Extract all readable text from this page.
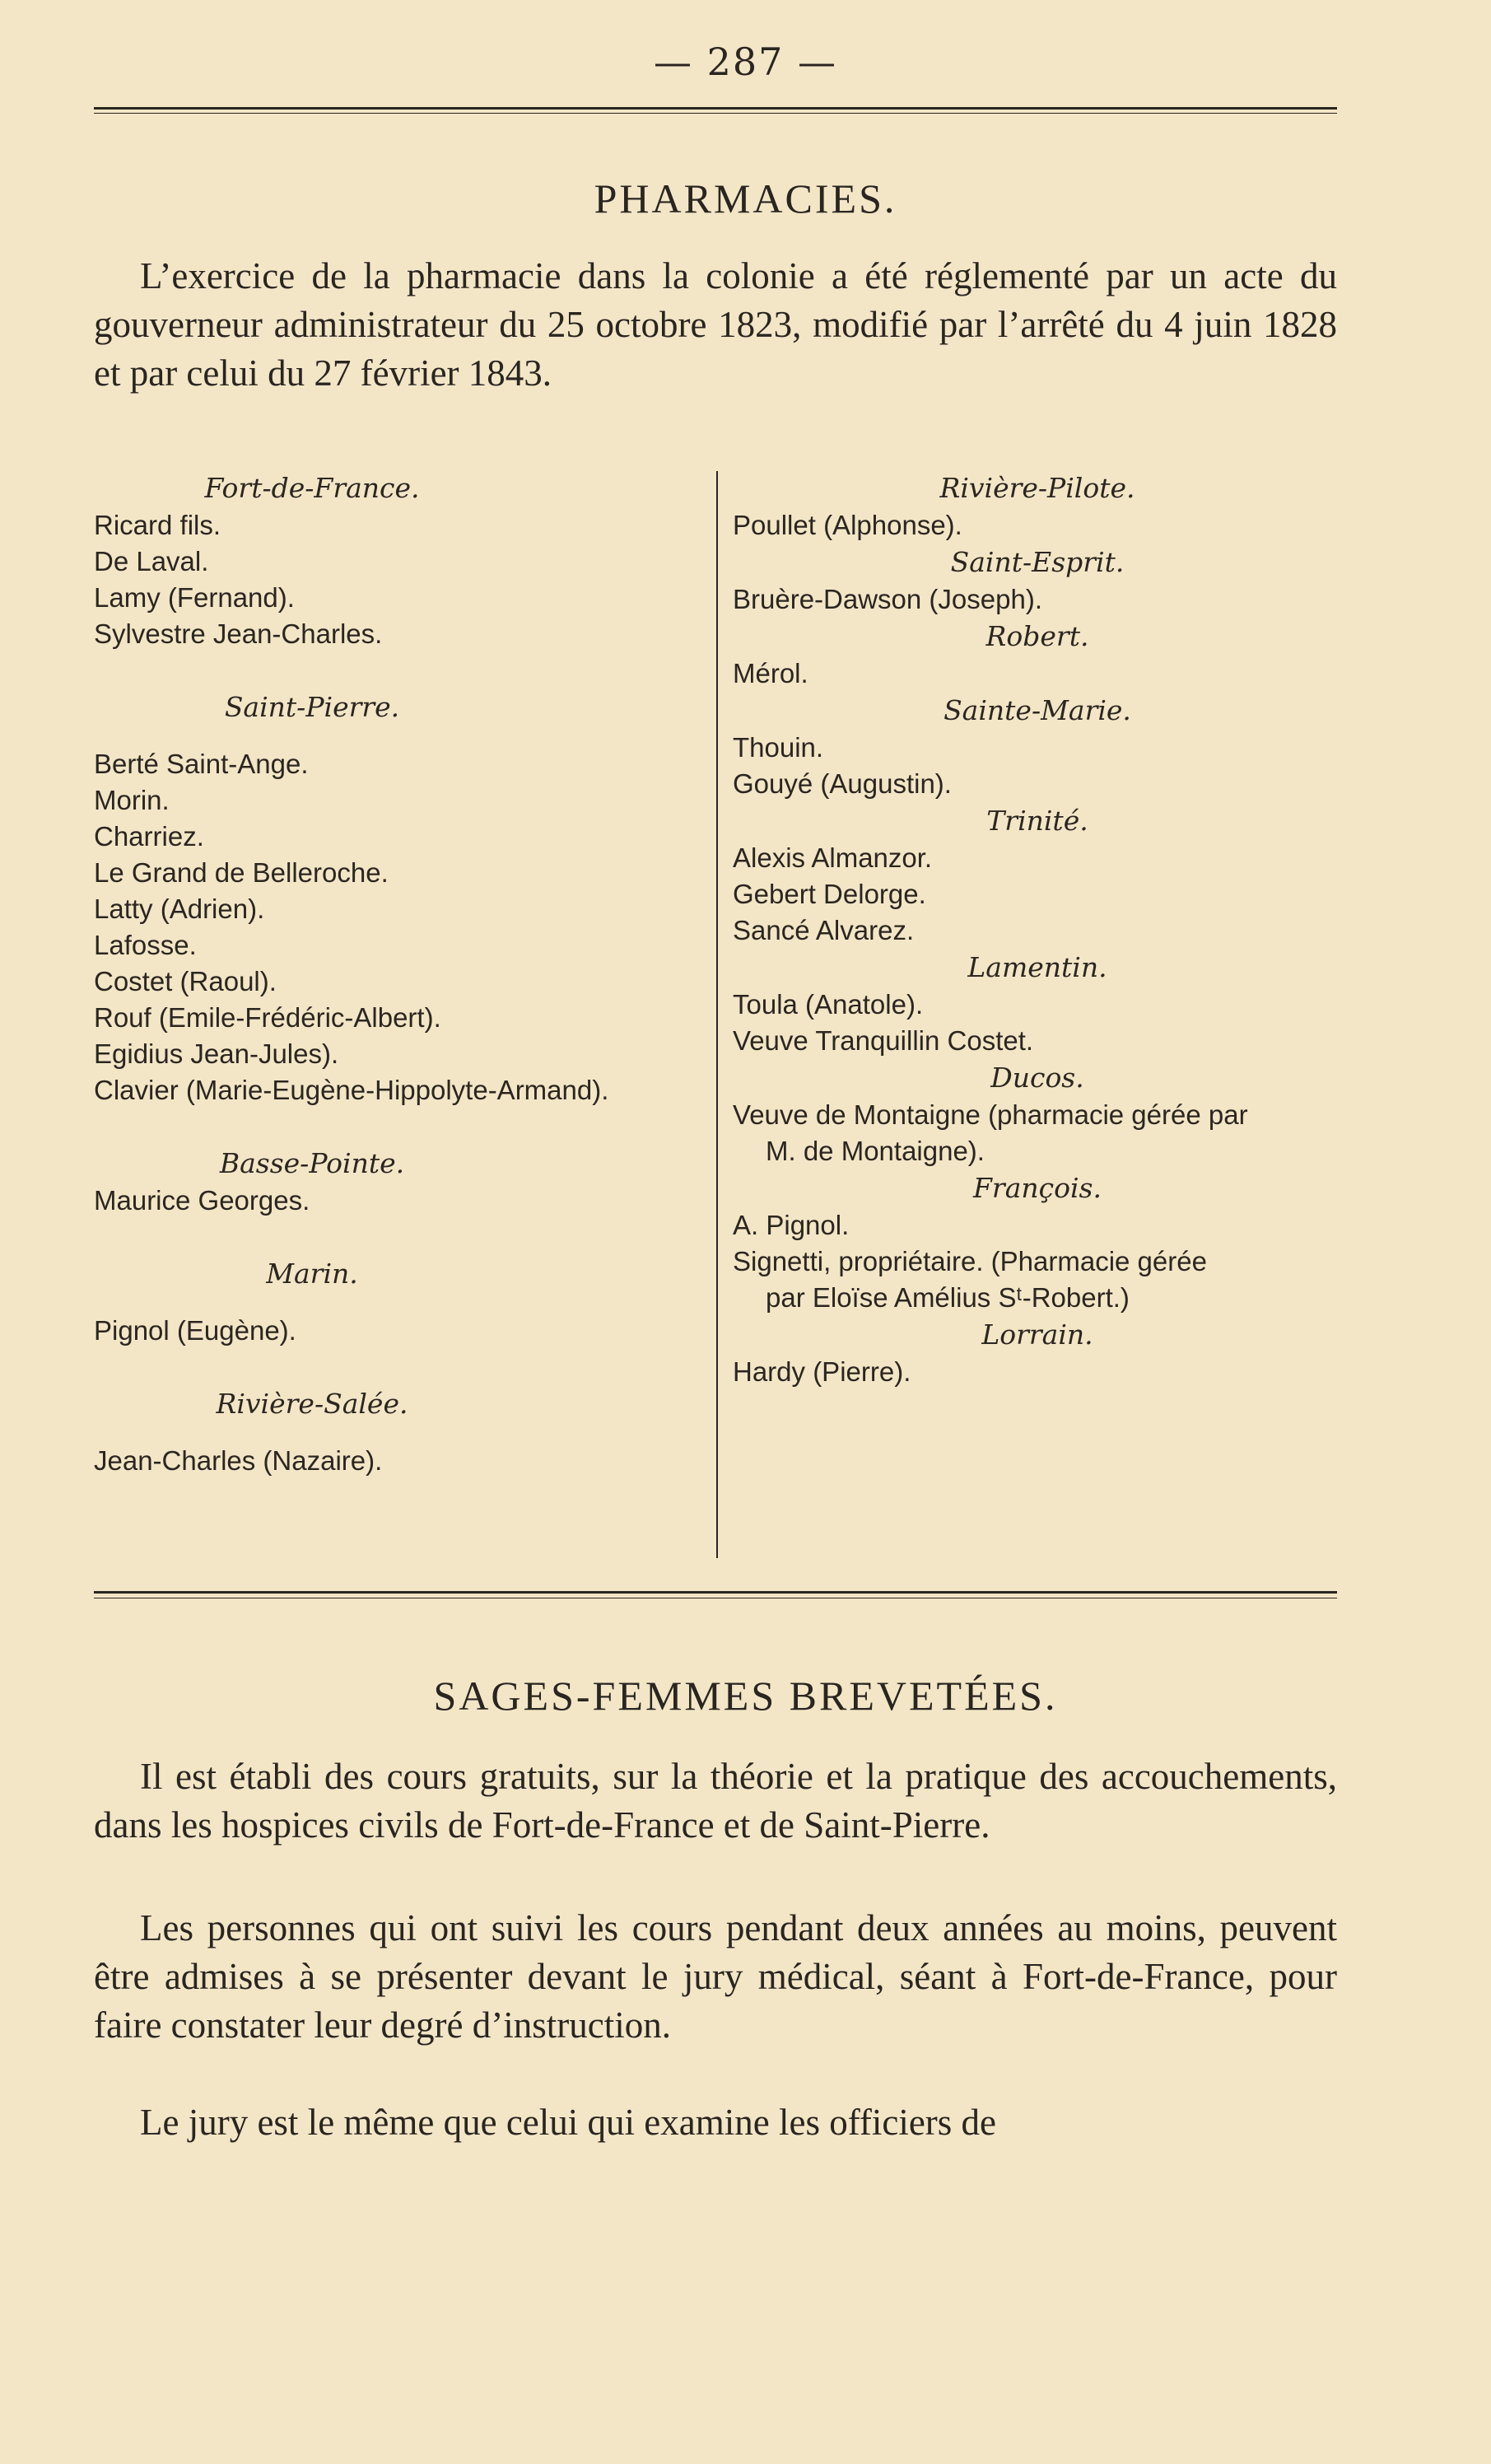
— 287 —
PHARMACIES.
L’exercice de la pharmacie dans la colonie a été réglementé par un acte du gouverneur administrateur du 25 octobre 1823, modifié par l’arrêté du 4 juin 1828 et par celui du 27 février 1843.
Fort-de-France.
Ricard fils.
De Laval.
Lamy (Fernand).
Sylvestre Jean-Charles.
Saint-Pierre.
Berté Saint-Ange.
Morin.
Charriez.
Le Grand de Belleroche.
Latty (Adrien).
Lafosse.
Costet (Raoul).
Rouf (Emile-Frédéric-Albert).
Egidius Jean-Jules).
Clavier (Marie-Eugène-Hippolyte-Armand).
Basse-Pointe.
Maurice Georges.
Marin.
Pignol (Eugène).
Rivière-Salée.
Jean-Charles (Nazaire).
Rivière-Pilote.
Poullet (Alphonse).
Saint-Esprit.
Bruère-Dawson (Joseph).
Robert.
Mérol.
Sainte-Marie.
Thouin.
Gouyé (Augustin).
Trinité.
Alexis Almanzor.
Gebert Delorge.
Sancé Alvarez.
Lamentin.
Toula (Anatole).
Veuve Tranquillin Costet.
Ducos.
Veuve de Montaigne (pharmacie gérée par
M. de Montaigne).
François.
A. Pignol.
Signetti, propriétaire. (Pharmacie gérée
par Eloïse Amélius Sᵗ-Robert.)
Lorrain.
Hardy (Pierre).
SAGES-FEMMES BREVETÉES.
Il est établi des cours gratuits, sur la théorie et la pratique des accouchements, dans les hospices civils de Fort-de-France et de Saint-Pierre.
Les personnes qui ont suivi les cours pendant deux années au moins, peuvent être admises à se présenter devant le jury médical, séant à Fort-de-France, pour faire constater leur degré d’instruction.
Le jury est le même que celui qui examine les officiers de
